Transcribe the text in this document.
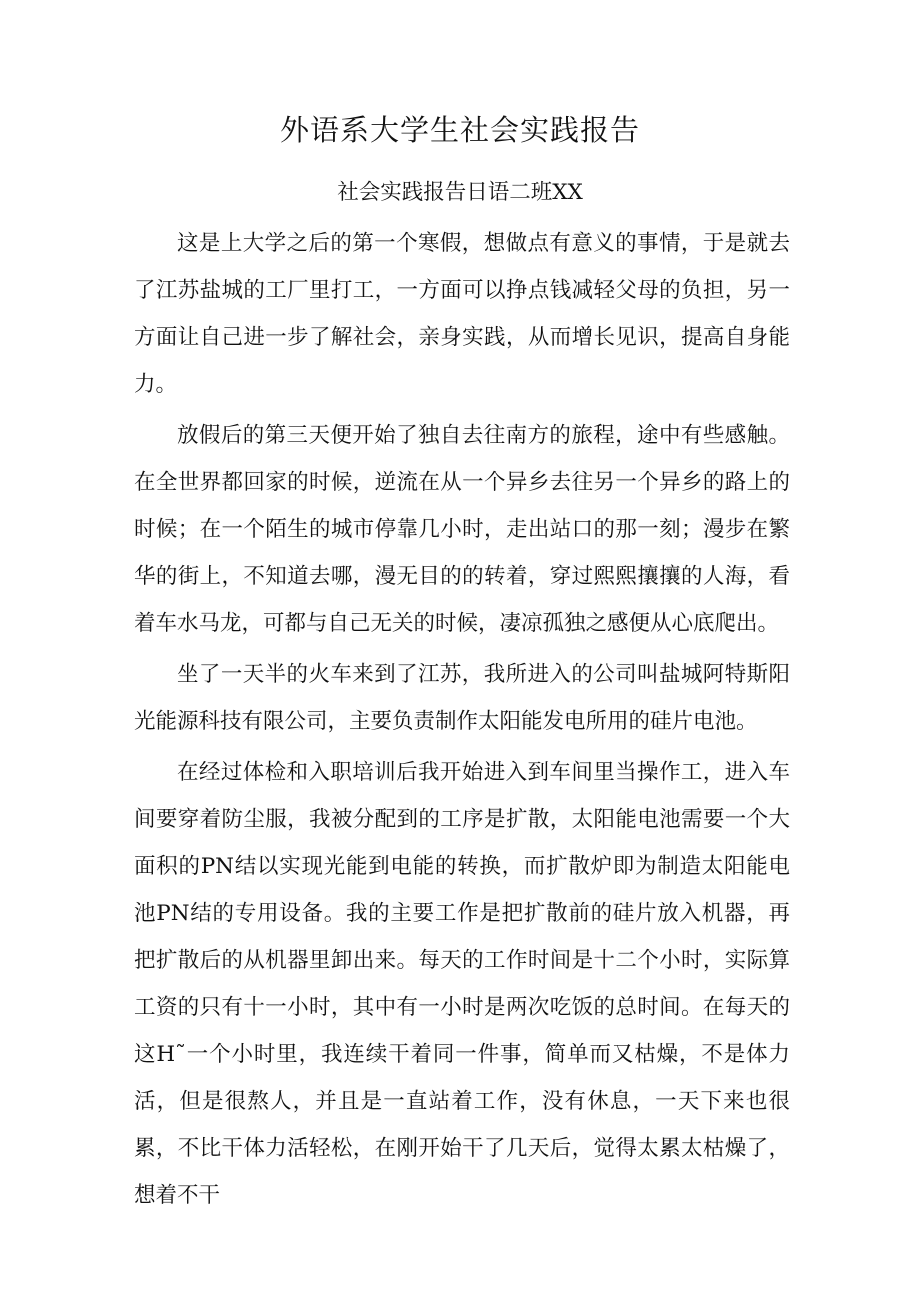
外语系大学生社会实践报告
社会实践报告日语二班XX

这是上大学之后的第一个寒假，想做点有意义的事情，于是就去了江苏盐城的工厂里打工，一方面可以挣点钱减轻父母的负担，另一方面让自己进一步了解社会，亲身实践，从而增长见识，提高自身能力。

放假后的第三天便开始了独自去往南方的旅程，途中有些感触。在全世界都回家的时候，逆流在从一个异乡去往另一个异乡的路上的时候；在一个陌生的城市停靠几小时，走出站口的那一刻；漫步在繁华的街上，不知道去哪，漫无目的的转着，穿过熙熙攘攘的人海，看着车水马龙，可都与自己无关的时候，凄凉孤独之感便从心底爬出。

坐了一天半的火车来到了江苏，我所进入的公司叫盐城阿特斯阳光能源科技有限公司，主要负责制作太阳能发电所用的硅片电池。

在经过体检和入职培训后我开始进入到车间里当操作工，进入车间要穿着防尘服，我被分配到的工序是扩散，太阳能电池需要一个大面积的PN结以实现光能到电能的转换，而扩散炉即为制造太阳能电池PN结的专用设备。我的主要工作是把扩散前的硅片放入机器，再把扩散后的从机器里卸出来。每天的工作时间是十二个小时，实际算工资的只有十一小时，其中有一小时是两次吃饭的总时间。在每天的这H˜一个小时里，我连续干着同一件事，简单而又枯燥，不是体力活，但是很熬人，并且是一直站着工作，没有休息，一天下来也很累，不比干体力活轻松，在刚开始干了几天后，觉得太累太枯燥了，想着不干
